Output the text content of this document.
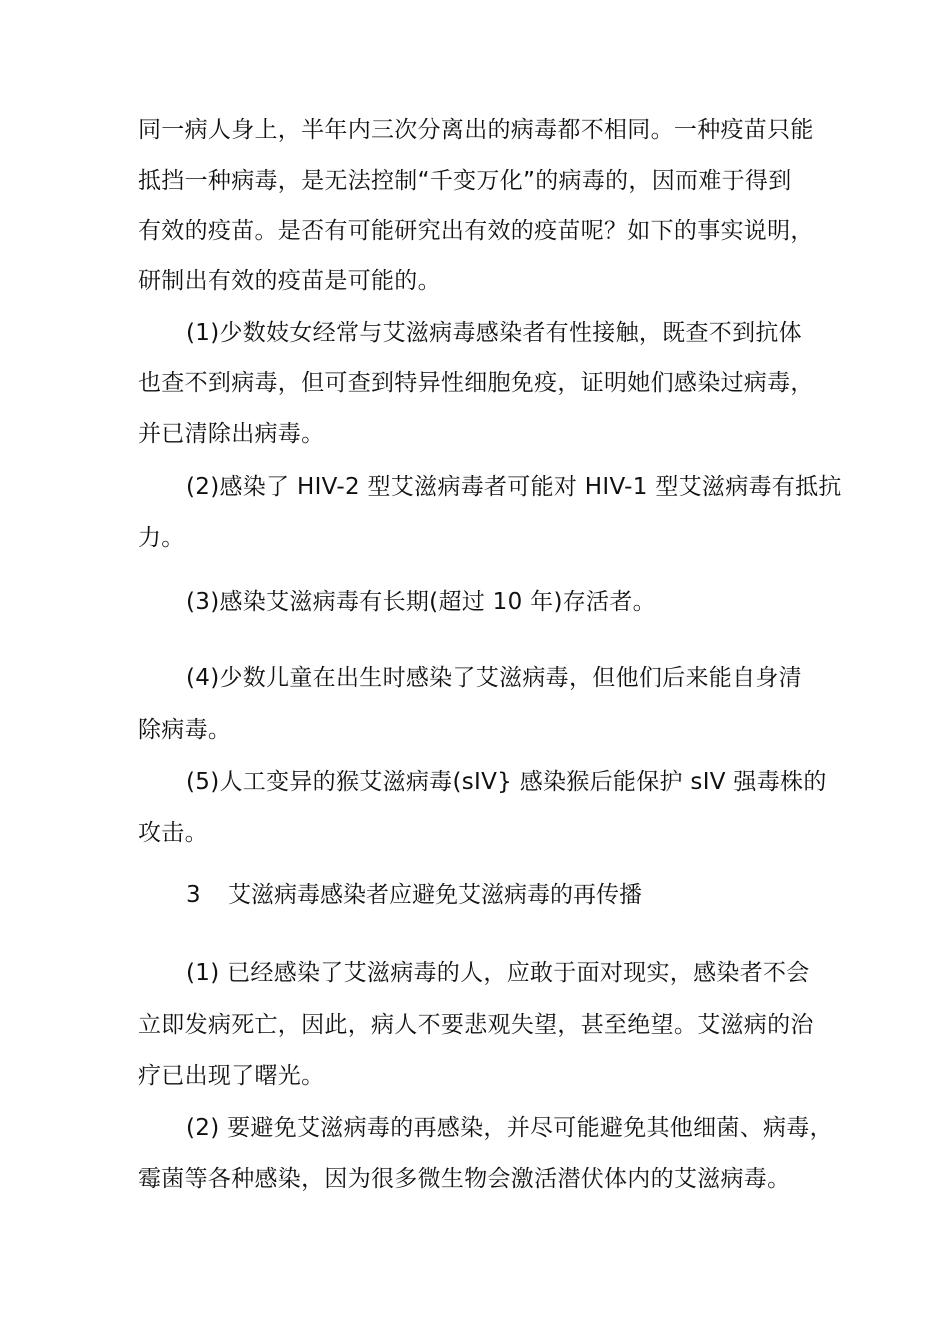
同一病人身上，半年内三次分离出的病毒都不相同。一种疫苗只能
抵挡一种病毒，是无法控制“千变万化”的病毒的，因而难于得到
有效的疫苗。是否有可能研究出有效的疫苗呢？如下的事实说明，
研制出有效的疫苗是可能的。
(1)少数妓女经常与艾滋病毒感染者有性接触，既查不到抗体
也查不到病毒，但可查到特异性细胞免疫，证明她们感染过病毒，
并已清除出病毒。
(2)感染了 HIV-2 型艾滋病毒者可能对 HIV-1 型艾滋病毒有抵抗
力。
(3)感染艾滋病毒有长期(超过 10 年)存活者。
(4)少数儿童在出生时感染了艾滋病毒，但他们后来能自身清
除病毒。
(5)人工变异的猴艾滋病毒(sIV} 感染猴后能保护 sIV 强毒株的
攻击。
3 艾滋病毒感染者应避免艾滋病毒的再传播
(1) 已经感染了艾滋病毒的人，应敢于面对现实，感染者不会
立即发病死亡，因此，病人不要悲观失望，甚至绝望。艾滋病的治
疗已出现了曙光。
(2) 要避免艾滋病毒的再感染，并尽可能避免其他细菌、病毒，
霉菌等各种感染，因为很多微生物会激活潜伏体内的艾滋病毒。
